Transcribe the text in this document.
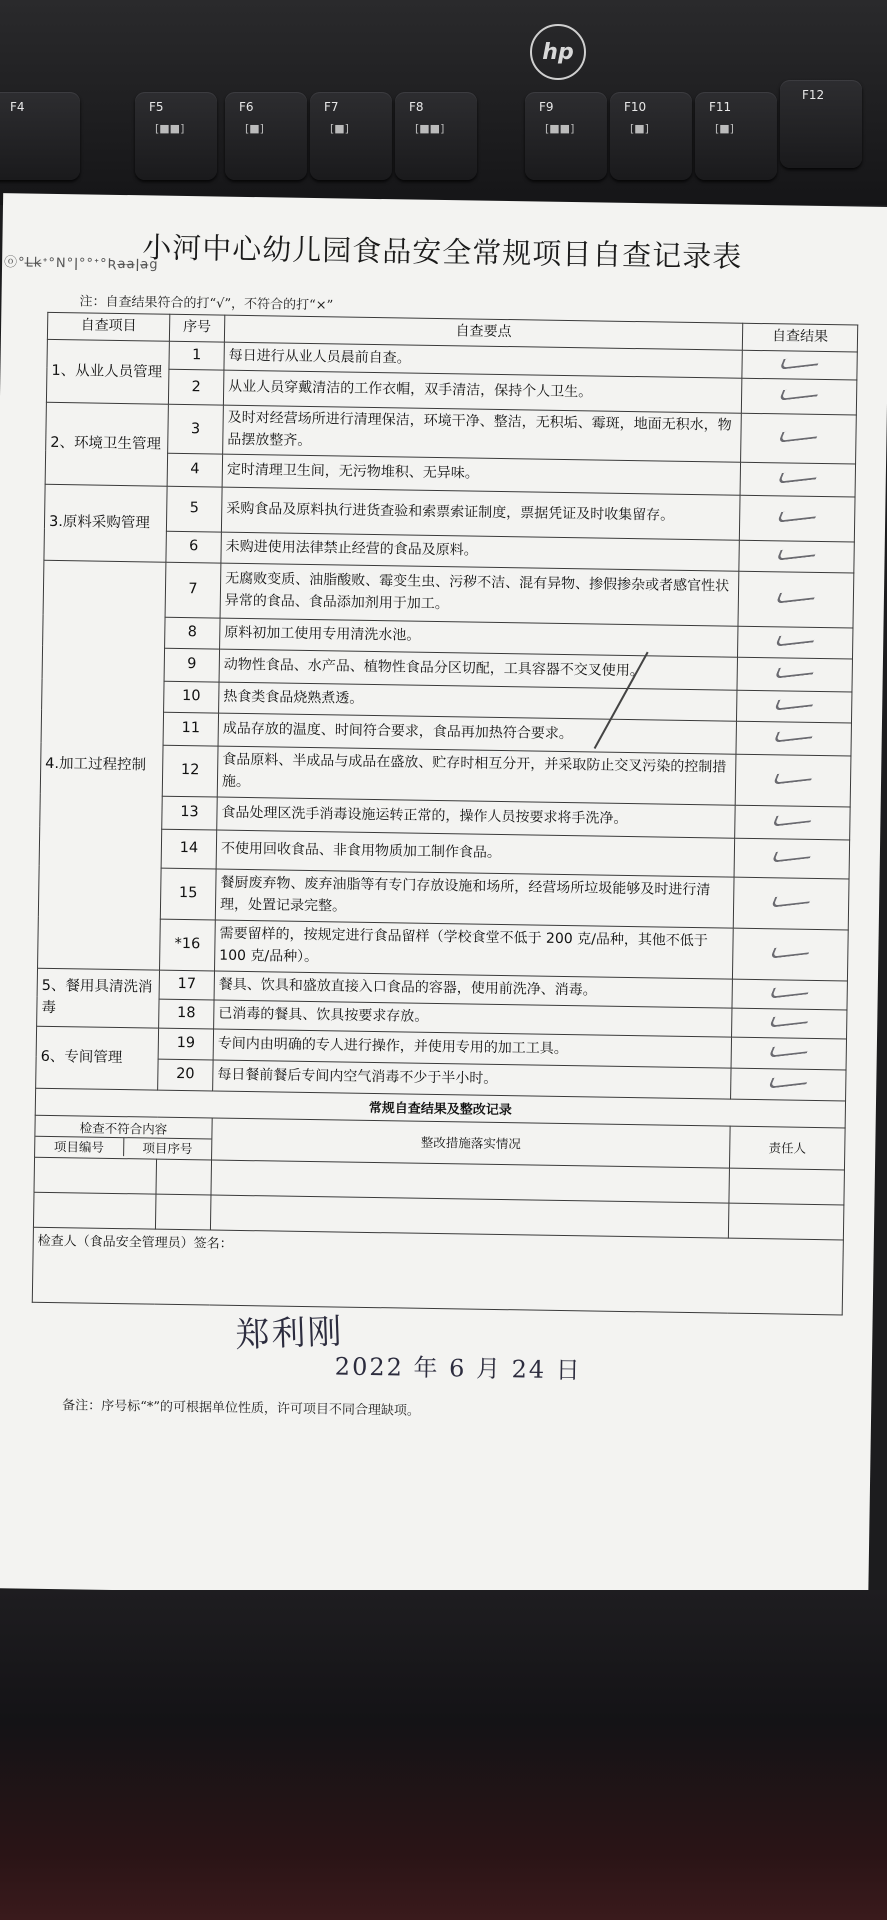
hp
F4	F5
[■■]
F6
[■]
F7
[■]
F8
[■■]
F9
[■■]
F10
[■]
F11
[■]
F12
ⓞ°L̶k̶ᐩ°N°ǀ°°ᐩ°Ʀa̶a̶ǀa̶g
小河中心幼儿园食品安全常规项目自查记录表
注：自查结果符合的打“√”，不符合的打“×”
自查项目	序号	自查要点	自查结果
1、从业人员管理	1	每日进行从业人员晨前自查。	
	2	从业人员穿戴清洁的工作衣帽，双手清洁，保持个人卫生。	
2、环境卫生管理	3	及时对经营场所进行清理保洁，环境干净、整洁，无积垢、霉斑，地面无积水，物品摆放整齐。	
	4	定时清理卫生间，无污物堆积、无异味。	
3.原料采购管理	5	采购食品及原料执行进货查验和索票索证制度，票据凭证及时收集留存。	
	6	未购进使用法律禁止经营的食品及原料。	
4.加工过程控制	7	无腐败变质、油脂酸败、霉变生虫、污秽不洁、混有异物、掺假掺杂或者感官性状异常的食品、食品添加剂用于加工。	
	8	原料初加工使用专用清洗水池。	
	9	动物性食品、水产品、植物性食品分区切配，工具容器不交叉使用。	
	10	热食类食品烧熟煮透。	
	11	成品存放的温度、时间符合要求，食品再加热符合要求。	
	12	食品原料、半成品与成品在盛放、贮存时相互分开，并采取防止交叉污染的控制措施。	
	13	食品处理区洗手消毒设施运转正常的，操作人员按要求将手洗净。	
	14	不使用回收食品、非食用物质加工制作食品。	
	15	餐厨废弃物、废弃油脂等有专门存放设施和场所，经营场所垃圾能够及时进行清理，处置记录完整。	
	*16	需要留样的，按规定进行食品留样（学校食堂不低于 200 克/品种，其他不低于 100 克/品种）。	
5、餐用具清洗消毒	17	餐具、饮具和盛放直接入口食品的容器，使用前洗净、消毒。	
	18	已消毒的餐具、饮具按要求存放。	
6、专间管理	19	专间内由明确的专人进行操作，并使用专用的加工工具。	
	20	每日餐前餐后专间内空气消毒不少于半小时。	
常规自查结果及整改记录			

检查不符合内容
项目编号 项目序号		整改措施落实情况	责任人

检查人（食品安全管理员）签名：			
郑利刚
2022 年 6 月 24 日
备注：序号标“*”的可根据单位性质，许可项目不同合理缺项。
